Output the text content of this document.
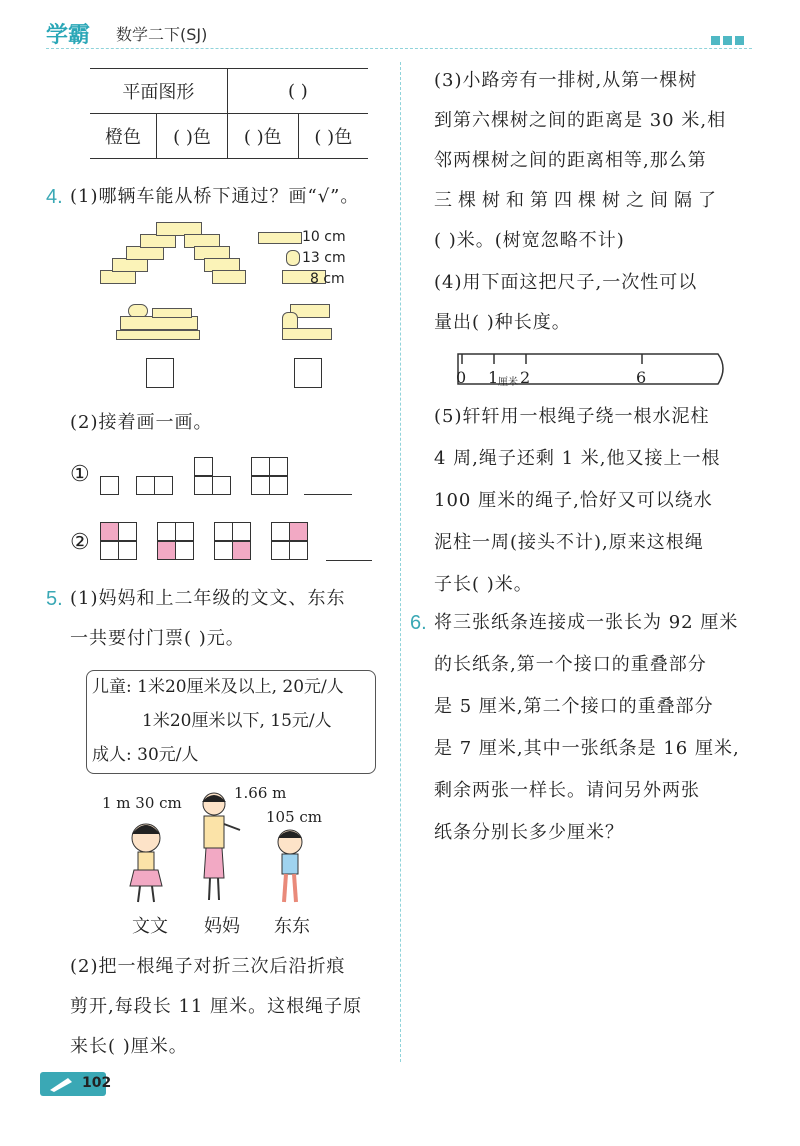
学霸 数学二下(SJ)
平面图形		( )	
橙色	( )色	( )色	( )色
4. (1)哪辆车能从桥下通过？画“√”。
10 cm
13 cm
8 cm
(2)接着画一画。
①
②
5. (1)妈妈和上二年级的文文、东东
一共要付门票( )元。
儿童: 1米20厘米及以上, 20元/人
1米20厘米以下, 15元/人
成人: 30元/人
1 m 30 cm
1.66 m
105 cm
文文 妈妈 东东
(2)把一根绳子对折三次后沿折痕
剪开,每段长 11 厘米。这根绳子原
来长( )厘米。
(3)小路旁有一排树,从第一棵树
到第六棵树之间的距离是 30 米,相
邻两棵树之间的距离相等,那么第
三棵树和第四棵树之间隔了
( )米。(树宽忽略不计)
(4)用下面这把尺子,一次性可以
量出( )种长度。
0 1 厘米 2	6
(5)轩轩用一根绳子绕一根水泥柱
4 周,绳子还剩 1 米,他又接上一根
100 厘米的绳子,恰好又可以绕水
泥柱一周(接头不计),原来这根绳
子长( )米。
6. 将三张纸条连接成一张长为 92 厘米
的长纸条,第一个接口的重叠部分
是 5 厘米,第二个接口的重叠部分
是 7 厘米,其中一张纸条是 16 厘米,
剩余两张一样长。请问另外两张
纸条分别长多少厘米？
102
